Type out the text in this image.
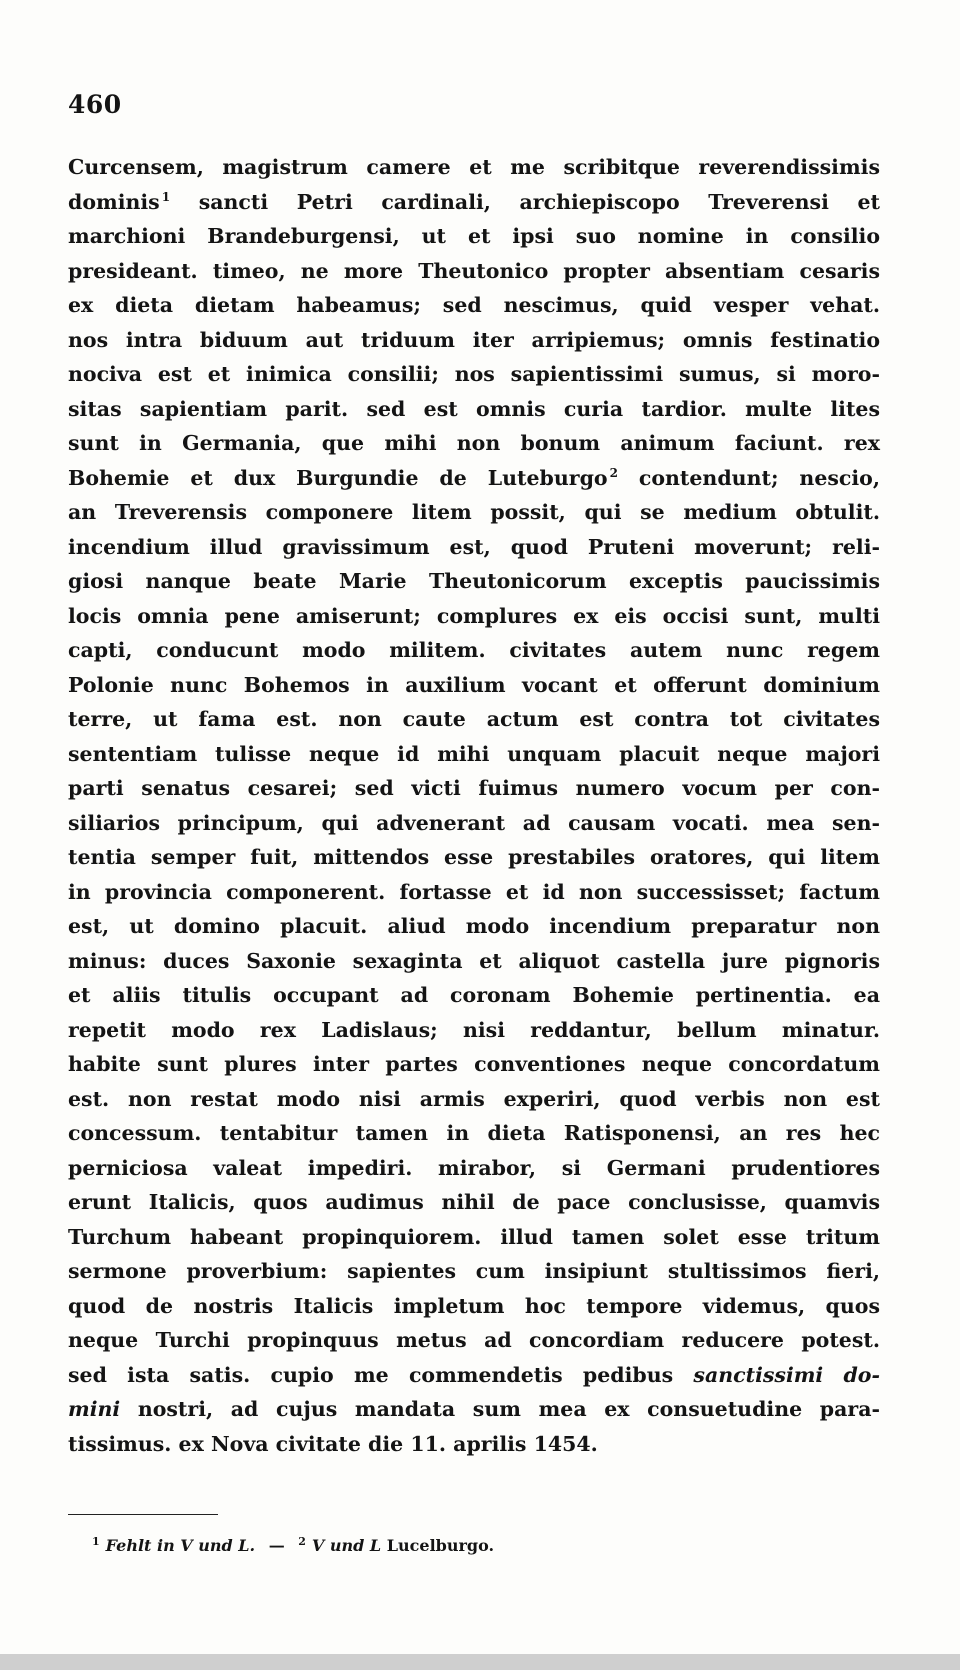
460
Curcensem, magistrum camere et me scribitque reverendissimis
dominis $^1$ sancti Petri cardinali, archiepiscopo Treverensi et
marchioni Brandeburgensi, ut et ipsi suo nomine in consilio
presideant. timeo, ne more Theutonico propter absentiam cesaris
ex dieta dietam habeamus; sed nescimus, quid vesper vehat.
nos intra biduum aut triduum iter arripiemus; omnis festinatio
nociva est et inimica consilii; nos sapientissimi sumus, si moro-
sitas sapientiam parit. sed est omnis curia tardior. multe lites
sunt in Germania, que mihi non bonum animum faciunt. rex
Bohemie et dux Burgundie de Luteburgo $^2$ contendunt; nescio,
an Treverensis componere litem possit, qui se medium obtulit.
incendium illud gravissimum est, quod Pruteni moverunt; reli-
giosi nanque beate Marie Theutonicorum exceptis paucissimis
locis omnia pene amiserunt; complures ex eis occisi sunt, multi
capti, conducunt modo militem. civitates autem nunc regem
Polonie nunc Bohemos in auxilium vocant et offerunt dominium
terre, ut fama est. non caute actum est contra tot civitates
sententiam tulisse neque id mihi unquam placuit neque majori
parti senatus cesarei; sed victi fuimus numero vocum per con-
siliarios principum, qui advenerant ad causam vocati. mea sen-
tentia semper fuit, mittendos esse prestabiles oratores, qui litem
in provincia componerent. fortasse et id non successisset; factum
est, ut domino placuit. aliud modo incendium preparatur non
minus: duces Saxonie sexaginta et aliquot castella jure pignoris
et aliis titulis occupant ad coronam Bohemie pertinentia. ea
repetit modo rex Ladislaus; nisi reddantur, bellum minatur.
habite sunt plures inter partes conventiones neque concordatum
est. non restat modo nisi armis experiri, quod verbis non est
concessum. tentabitur tamen in dieta Ratisponensi, an res hec
perniciosa valeat impediri. mirabor, si Germani prudentiores
erunt Italicis, quos audimus nihil de pace conclusisse, quamvis
Turchum habeant propinquiorem. illud tamen solet esse tritum
sermone proverbium: sapientes cum insipiunt stultissimos fieri,
quod de nostris Italicis impletum hoc tempore videmus, quos
neque Turchi propinquus metus ad concordiam reducere potest.
sed ista satis. cupio me commendetis pedibus sanctissimi do-
mini nostri, ad cujus mandata sum mea ex consuetudine para-
tissimus. ex Nova civitate die 11. aprilis 1454.
$^1$ Fehlt in V und L. — $^2$ V und L Lucelburgo.
